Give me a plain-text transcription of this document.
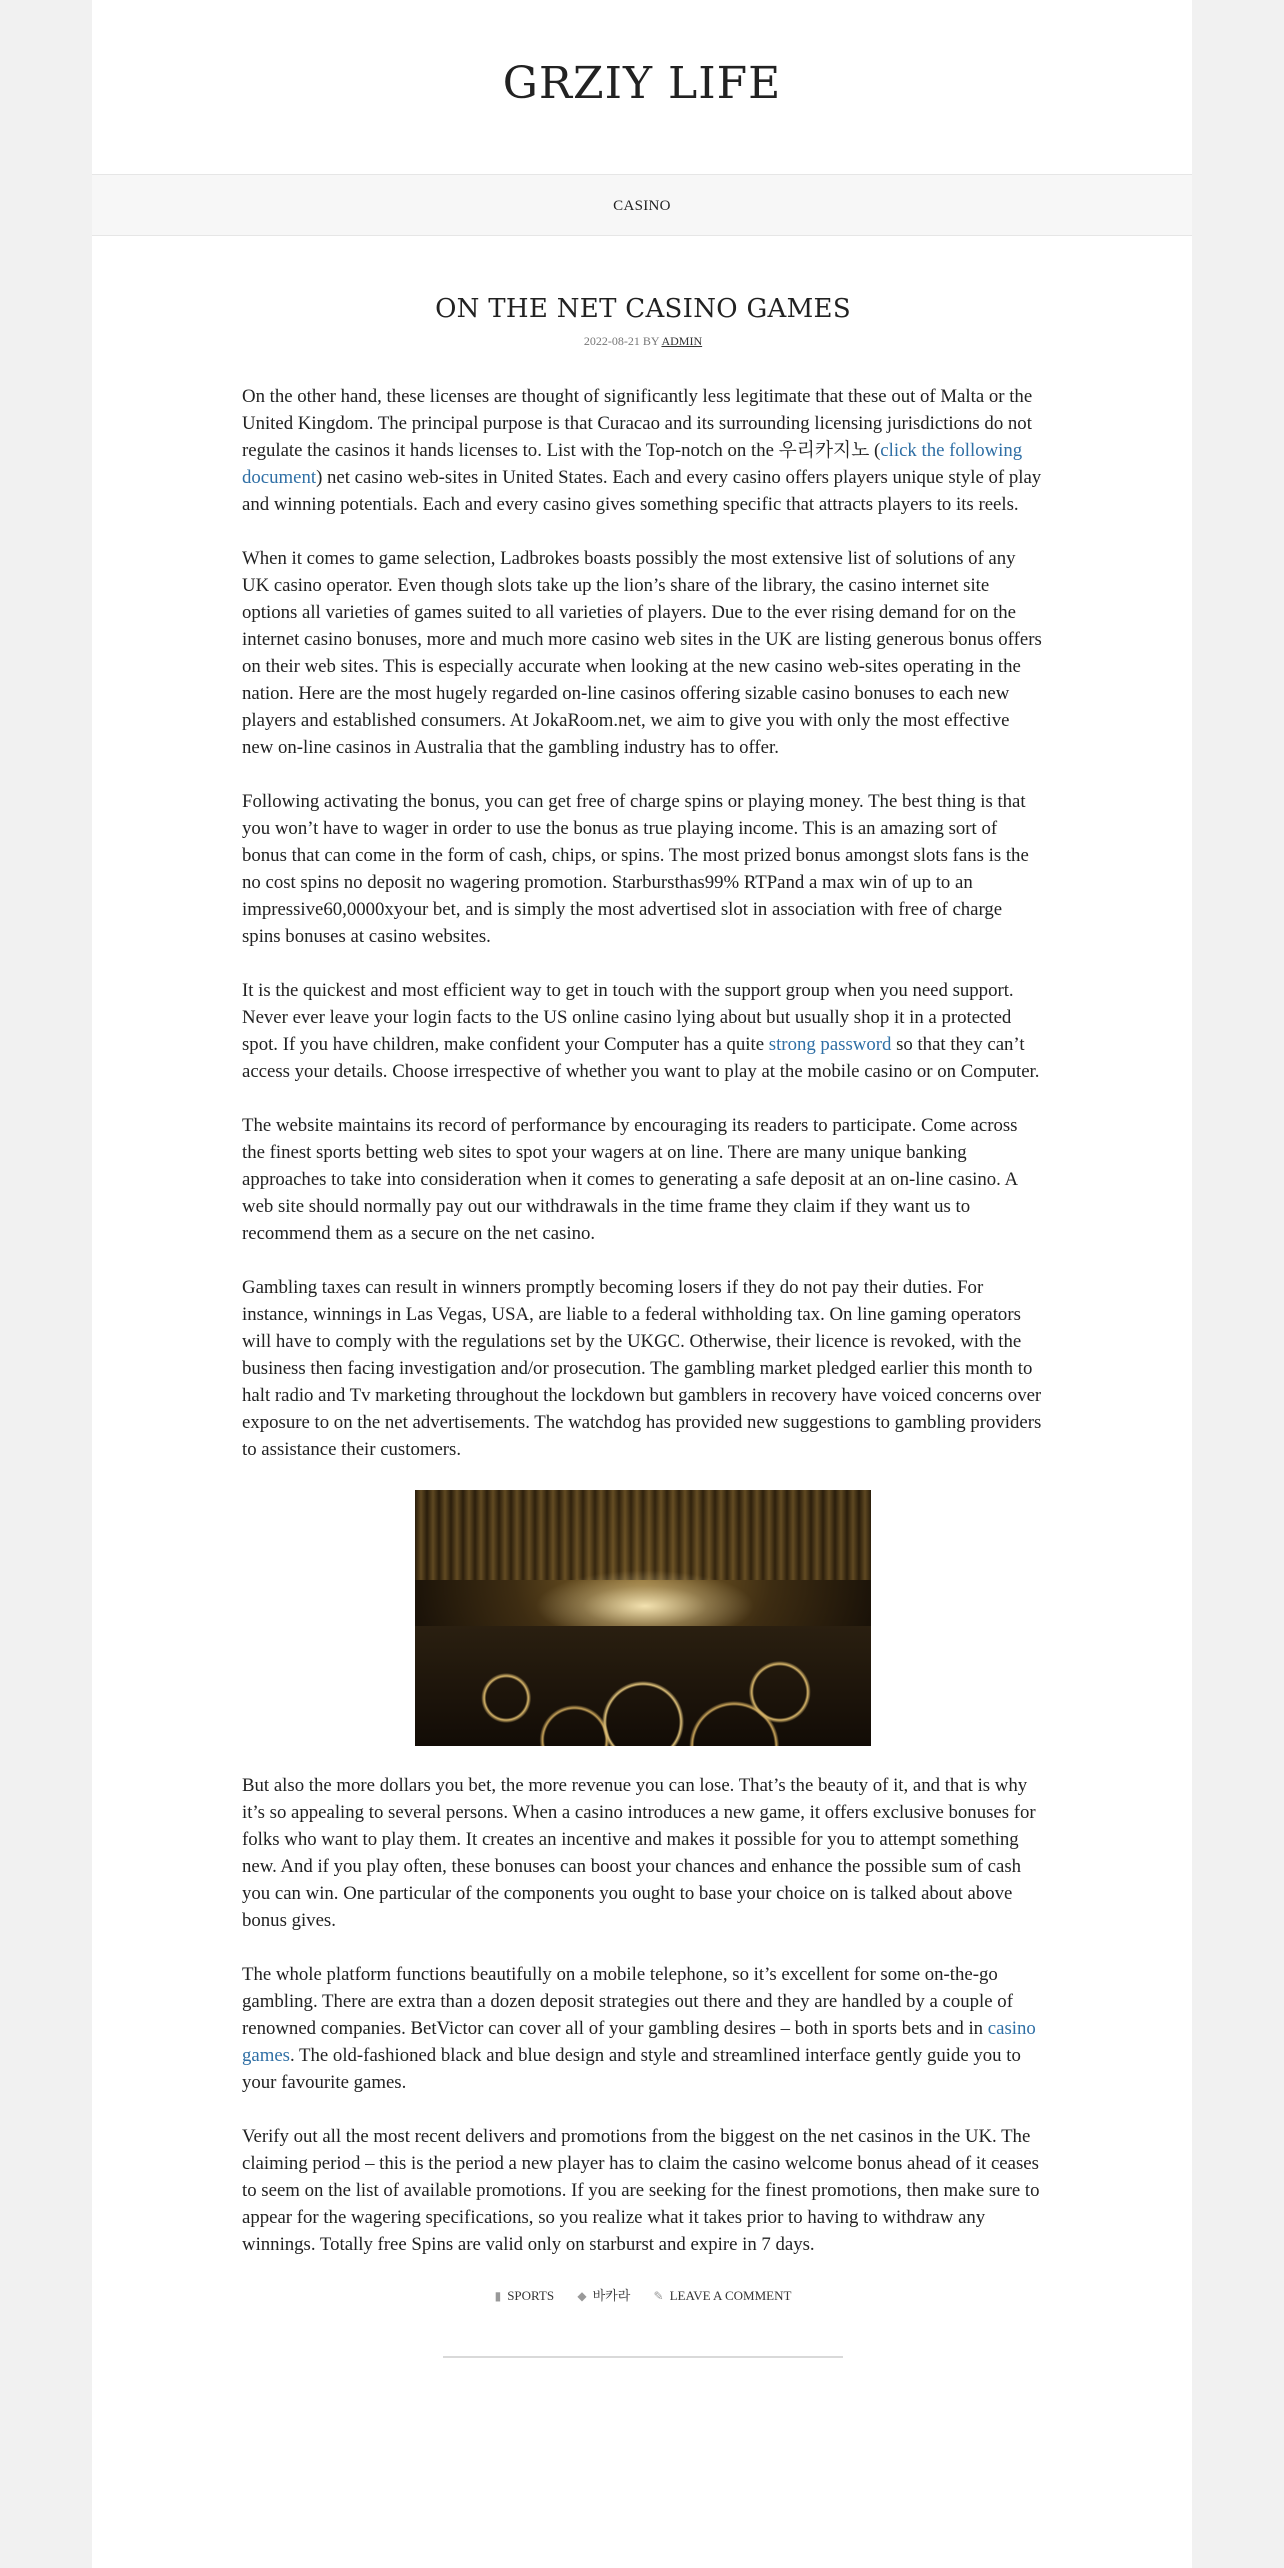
GRZIY LIFE
CASINO
ON THE NET CASINO GAMES
2022-08-21 BY ADMIN

On the other hand, these licenses are thought of significantly less legitimate that these out of Malta or the United Kingdom. The principal purpose is that Curacao and its surrounding licensing jurisdictions do not regulate the casinos it hands licenses to. List with the Top-notch on the 우리카지노 (click the following document) net casino web-sites in United States. Each and every casino offers players unique style of play and winning potentials. Each and every casino gives something specific that attracts players to its reels.

When it comes to game selection, Ladbrokes boasts possibly the most extensive list of solutions of any UK casino operator. Even though slots take up the lion’s share of the library, the casino internet site options all varieties of games suited to all varieties of players. Due to the ever rising demand for on the internet casino bonuses, more and much more casino web sites in the UK are listing generous bonus offers on their web sites. This is especially accurate when looking at the new casino web-sites operating in the nation. Here are the most hugely regarded on-line casinos offering sizable casino bonuses to each new players and established consumers. At JokaRoom.net, we aim to give you with only the most effective new on-line casinos in Australia that the gambling industry has to offer.

Following activating the bonus, you can get free of charge spins or playing money. The best thing is that you won’t have to wager in order to use the bonus as true playing income. This is an amazing sort of bonus that can come in the form of cash, chips, or spins. The most prized bonus amongst slots fans is the no cost spins no deposit no wagering promotion. Starbursthas99% RTPand a max win of up to an impressive60,0000xyour bet, and is simply the most advertised slot in association with free of charge spins bonuses at casino websites.

It is the quickest and most efficient way to get in touch with the support group when you need support. Never ever leave your login facts to the US online casino lying about but usually shop it in a protected spot. If you have children, make confident your Computer has a quite strong password so that they can’t access your details. Choose irrespective of whether you want to play at the mobile casino or on Computer.

The website maintains its record of performance by encouraging its readers to participate. Come across the finest sports betting web sites to spot your wagers at on line. There are many unique banking approaches to take into consideration when it comes to generating a safe deposit at an on-line casino. A web site should normally pay out our withdrawals in the time frame they claim if they want us to recommend them as a secure on the net casino.

Gambling taxes can result in winners promptly becoming losers if they do not pay their duties. For instance, winnings in Las Vegas, USA, are liable to a federal withholding tax. On line gaming operators will have to comply with the regulations set by the UKGC. Otherwise, their licence is revoked, with the business then facing investigation and/or prosecution. The gambling market pledged earlier this month to halt radio and Tv marketing throughout the lockdown but gamblers in recovery have voiced concerns over exposure to on the net advertisements. The watchdog has provided new suggestions to gambling providers to assistance their customers.

But also the more dollars you bet, the more revenue you can lose. That’s the beauty of it, and that is why it’s so appealing to several persons. When a casino introduces a new game, it offers exclusive bonuses for folks who want to play them. It creates an incentive and makes it possible for you to attempt something new. And if you play often, these bonuses can boost your chances and enhance the possible sum of cash you can win. One particular of the components you ought to base your choice on is talked about above bonus gives.

The whole platform functions beautifully on a mobile telephone, so it’s excellent for some on-the-go gambling. There are extra than a dozen deposit strategies out there and they are handled by a couple of renowned companies. BetVictor can cover all of your gambling desires – both in sports bets and in casino games. The old-fashioned black and blue design and style and streamlined interface gently guide you to your favourite games.

Verify out all the most recent delivers and promotions from the biggest on the net casinos in the UK. The claiming period – this is the period a new player has to claim the casino welcome bonus ahead of it ceases to seem on the list of available promotions. If you are seeking for the finest promotions, then make sure to appear for the wagering specifications, so you realize what it takes prior to having to withdraw any winnings. Totally free Spins are valid only on starburst and expire in 7 days.

▮ SPORTS ◆ 바카라 ✎ LEAVE A COMMENT
